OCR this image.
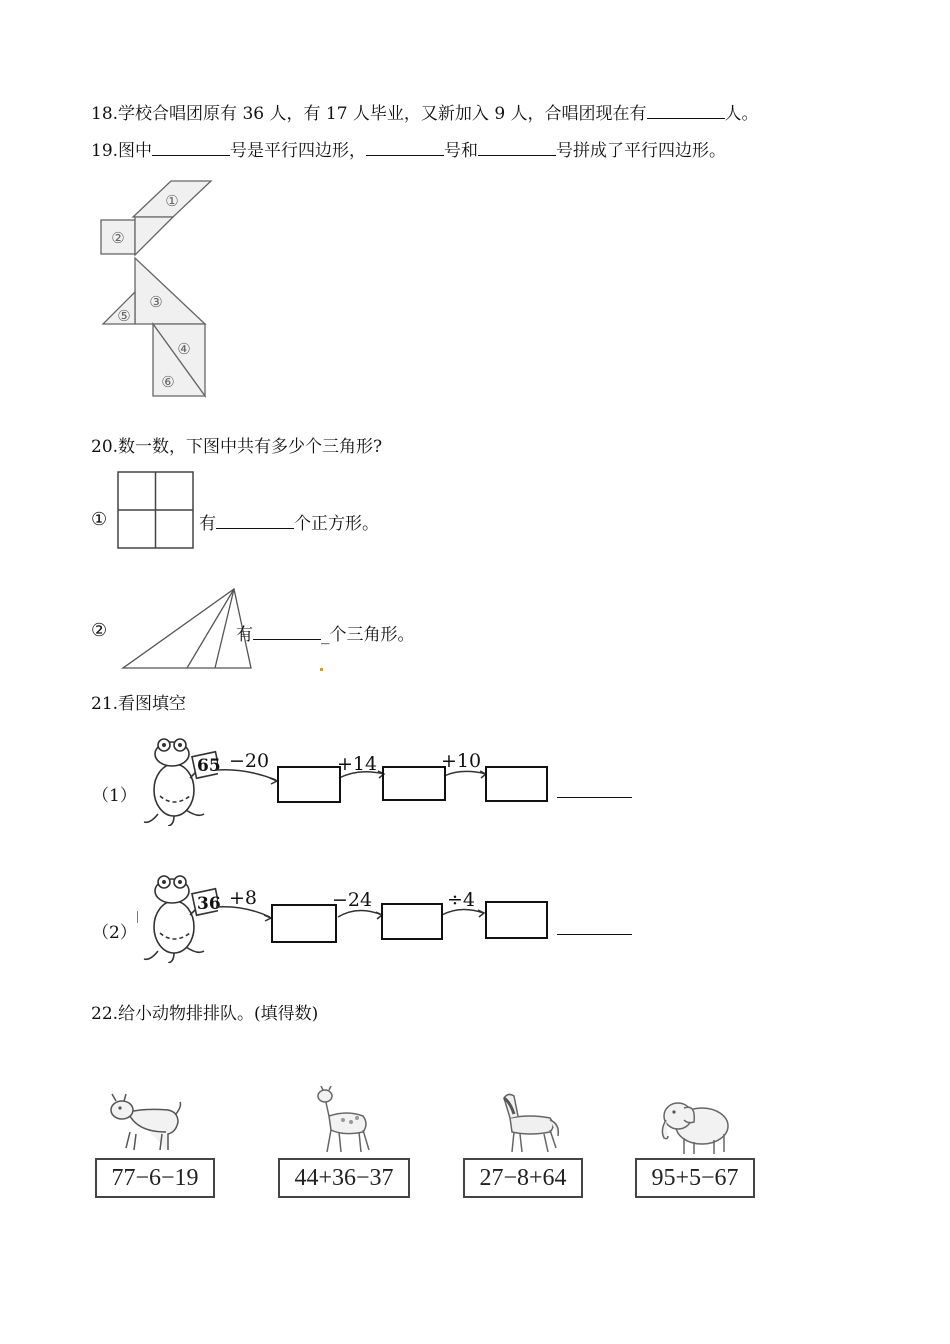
18.学校合唱团原有 36 人，有 17 人毕业，又新加入 9 人，合唱团现在有	人。
19.图中	号是平行四边形，	号和	号拼成了平行四边形。
①
②
③
④
⑤
⑥
20.数一数，下图中共有多少个三角形?
①	有	个正方形。
②	有	_个三角形。
21.看图填空
（1）
65 −20	+14	+10
（2）
36 +8	−24	÷4
22.给小动物排排队。(填得数)
77−6−19	44+36−37	27−8+64	95+5−67
